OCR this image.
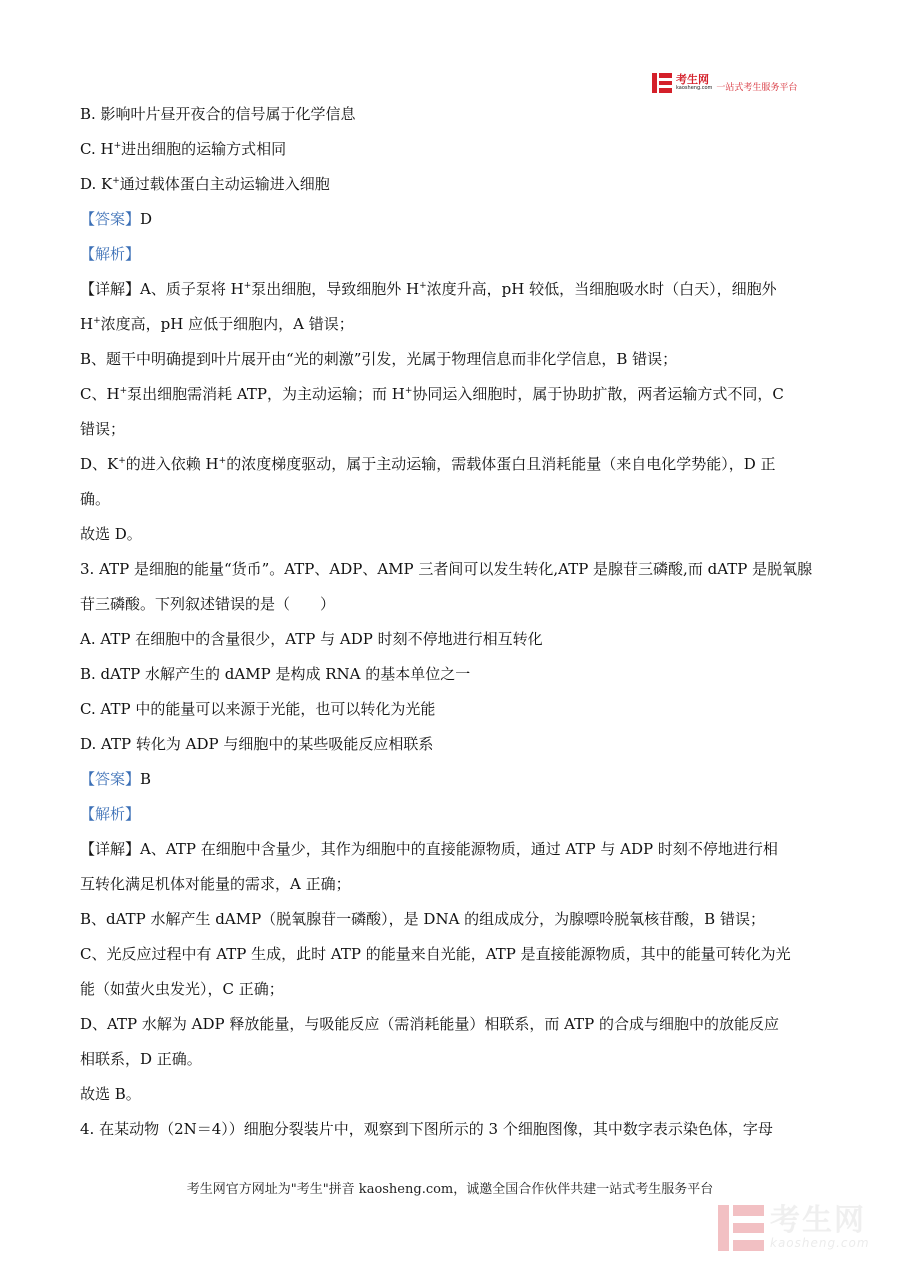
考生网
kaosheng.com 一站式考生服务平台

B. 影响叶片昼开夜合的信号属于化学信息

C. H+进出细胞的运输方式相同

D. K+通过载体蛋白主动运输进入细胞

【答案】D

【解析】

【详解】A、质子泵将 H+泵出细胞，导致细胞外 H+浓度升高，pH 较低，当细胞吸水时（白天），细胞外

H+浓度高，pH 应低于细胞内，A 错误；

B、题干中明确提到叶片展开由“光的刺激”引发，光属于物理信息而非化学信息，B 错误；

C、H+泵出细胞需消耗 ATP，为主动运输；而 H+协同运入细胞时，属于协助扩散，两者运输方式不同，C

错误；

D、K+的进入依赖 H+的浓度梯度驱动，属于主动运输，需载体蛋白且消耗能量（来自电化学势能），D 正

确。

故选 D。

3. ATP 是细胞的能量“货币”。ATP、ADP、AMP 三者间可以发生转化,ATP 是腺苷三磷酸,而 dATP 是脱氧腺

苷三磷酸。下列叙述错误的是（　　）

A. ATP 在细胞中的含量很少，ATP 与 ADP 时刻不停地进行相互转化

B. dATP 水解产生的 dAMP 是构成 RNA 的基本单位之一

C. ATP 中的能量可以来源于光能，也可以转化为光能

D. ATP 转化为 ADP 与细胞中的某些吸能反应相联系

【答案】B

【解析】

【详解】A、ATP 在细胞中含量少，其作为细胞中的直接能源物质，通过 ATP 与 ADP 时刻不停地进行相

互转化满足机体对能量的需求，A 正确；

B、dATP 水解产生 dAMP（脱氧腺苷一磷酸），是 DNA 的组成成分，为腺嘌呤脱氧核苷酸，B 错误；

C、光反应过程中有 ATP 生成，此时 ATP 的能量来自光能，ATP 是直接能源物质，其中的能量可转化为光

能（如萤火虫发光），C 正确；

D、ATP 水解为 ADP 释放能量，与吸能反应（需消耗能量）相联系，而 ATP 的合成与细胞中的放能反应

相联系，D 正确。

故选 B。

4. 在某动物（2N＝4））细胞分裂装片中，观察到下图所示的 3 个细胞图像，其中数字表示染色体，字母

考生网官方网址为"考生"拼音 kaosheng.com，诚邀全国合作伙伴共建一站式考生服务平台
考生网
kaosheng.com
